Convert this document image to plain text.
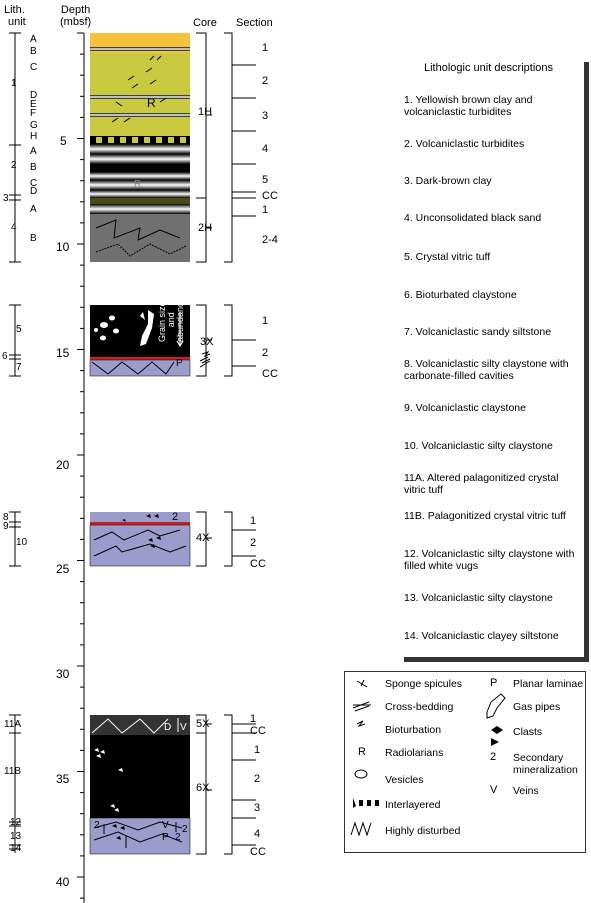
Lith.
unit
Depth
(mbsf)	Core Section
5
10
15
20
25
30
35
40
A
B
C
1
D
E
F
G
H
A
2 B
C
D
3
A
4
B
5
6
7
8
9
10
11A
11B
12
13
14
1H
2H
3X
4X
5X
6X
1
2
3
4
5
CC
1
2-4
1
2
CC
1
2
CC
1
CC
1
2
3
4
CC
R
R
Grain size and abundance
P
2
D V
2	V
P 2
2
Lithologic unit descriptions
1. Yellowish brown clay and volcaniclastic turbidites
2. Volcaniclastic turbidites
3. Dark-brown clay
4. Unconsolidated black sand
5. Crystal vitric tuff
6. Bioturbated claystone
7. Volcaniclastic sandy siltstone
8. Volcaniclastic silty claystone with carbonate-filled cavities
9. Volcaniclastic claystone
10. Volcaniclastic silty claystone
11A. Altered palagonitized crystal vitric tuff
11B. Palagonitized crystal vitric tuff
12. Volcaniclastic silty claystone with filled white vugs
13. Volcaniclastic silty claystone
14. Volcaniclastic clayey siltstone
Sponge spicules
Cross-bedding
Bioturbation
R Radiolarians
Vesicles
Interlayered
Highly disturbed
P Planar laminae
Gas pipes
Clasts
2 Secondary mineralization
V Veins
